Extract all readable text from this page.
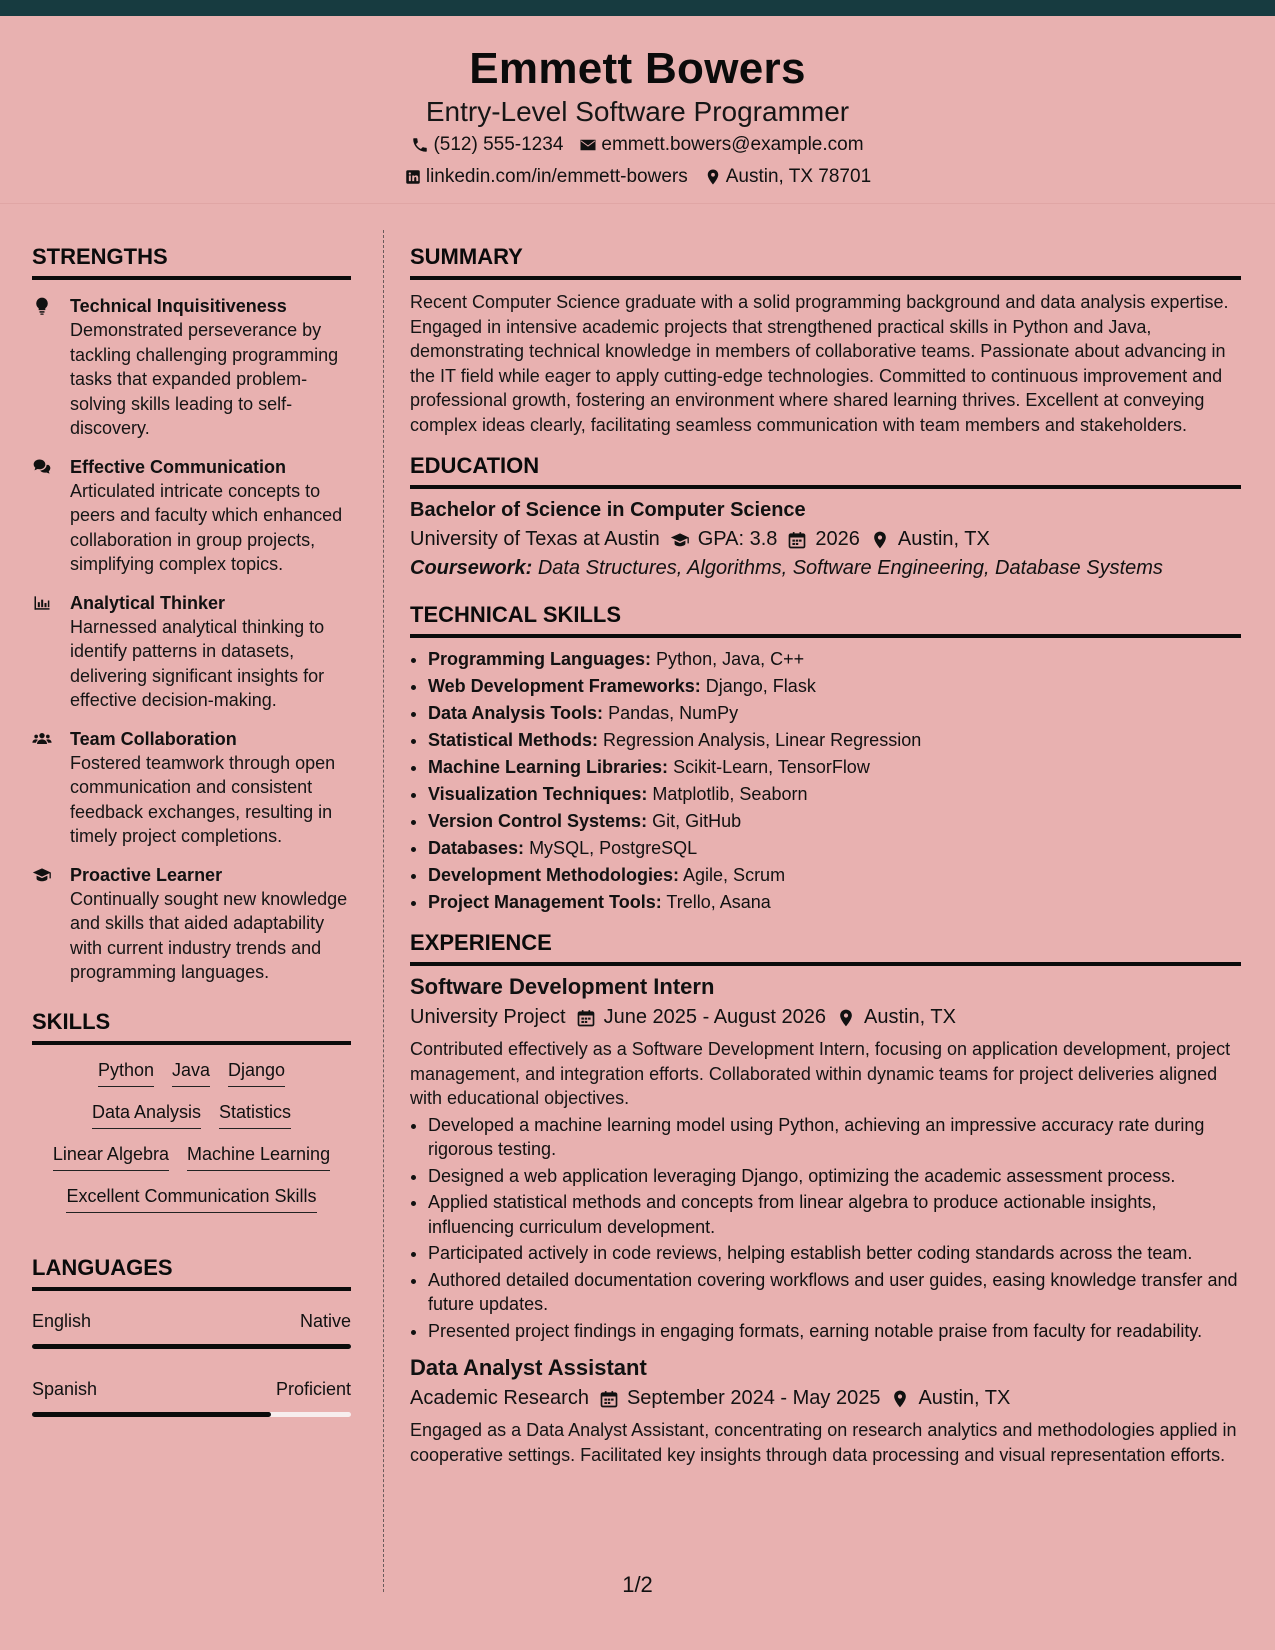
Emmett Bowers
Entry-Level Software Programmer
(512) 555-1234 emmett.bowers@example.com
linkedin.com/in/emmett-bowers Austin, TX 78701
STRENGTHS
Technical Inquisitiveness
Demonstrated perseverance by tackling challenging programming tasks that expanded problem-solving skills leading to self-discovery.
Effective Communication
Articulated intricate concepts to peers and faculty which enhanced collaboration in group projects, simplifying complex topics.
Analytical Thinker
Harnessed analytical thinking to identify patterns in datasets, delivering significant insights for effective decision-making.
Team Collaboration
Fostered teamwork through open communication and consistent feedback exchanges, resulting in timely project completions.
Proactive Learner
Continually sought new knowledge and skills that aided adaptability with current industry trends and programming languages.
SKILLS
Python Java Django
Data Analysis Statistics
Linear Algebra Machine Learning
Excellent Communication Skills
LANGUAGES
English	Native
Spanish	Proficient
SUMMARY
Recent Computer Science graduate with a solid programming background and data analysis expertise. Engaged in intensive academic projects that strengthened practical skills in Python and Java, demonstrating technical knowledge in members of collaborative teams. Passionate about advancing in the IT field while eager to apply cutting-edge technologies. Committed to continuous improvement and professional growth, fostering an environment where shared learning thrives. Excellent at conveying complex ideas clearly, facilitating seamless communication with team members and stakeholders.
EDUCATION
Bachelor of Science in Computer Science
University of Texas at Austin GPA: 3.8 2026 Austin, TX
Coursework: Data Structures, Algorithms, Software Engineering, Database Systems
TECHNICAL SKILLS
• Programming Languages: Python, Java, C++
• Web Development Frameworks: Django, Flask
• Data Analysis Tools: Pandas, NumPy
• Statistical Methods: Regression Analysis, Linear Regression
• Machine Learning Libraries: Scikit-Learn, TensorFlow
• Visualization Techniques: Matplotlib, Seaborn
• Version Control Systems: Git, GitHub
• Databases: MySQL, PostgreSQL
• Development Methodologies: Agile, Scrum
• Project Management Tools: Trello, Asana
EXPERIENCE
Software Development Intern
University Project June 2025 - August 2026 Austin, TX
Contributed effectively as a Software Development Intern, focusing on application development, project management, and integration efforts. Collaborated within dynamic teams for project deliveries aligned with educational objectives.
• Developed a machine learning model using Python, achieving an impressive accuracy rate during rigorous testing.
• Designed a web application leveraging Django, optimizing the academic assessment process.
• Applied statistical methods and concepts from linear algebra to produce actionable insights, influencing curriculum development.
• Participated actively in code reviews, helping establish better coding standards across the team.
• Authored detailed documentation covering workflows and user guides, easing knowledge transfer and future updates.
• Presented project findings in engaging formats, earning notable praise from faculty for readability.
Data Analyst Assistant
Academic Research September 2024 - May 2025 Austin, TX
Engaged as a Data Analyst Assistant, concentrating on research analytics and methodologies applied in cooperative settings. Facilitated key insights through data processing and visual representation efforts.
1/2
